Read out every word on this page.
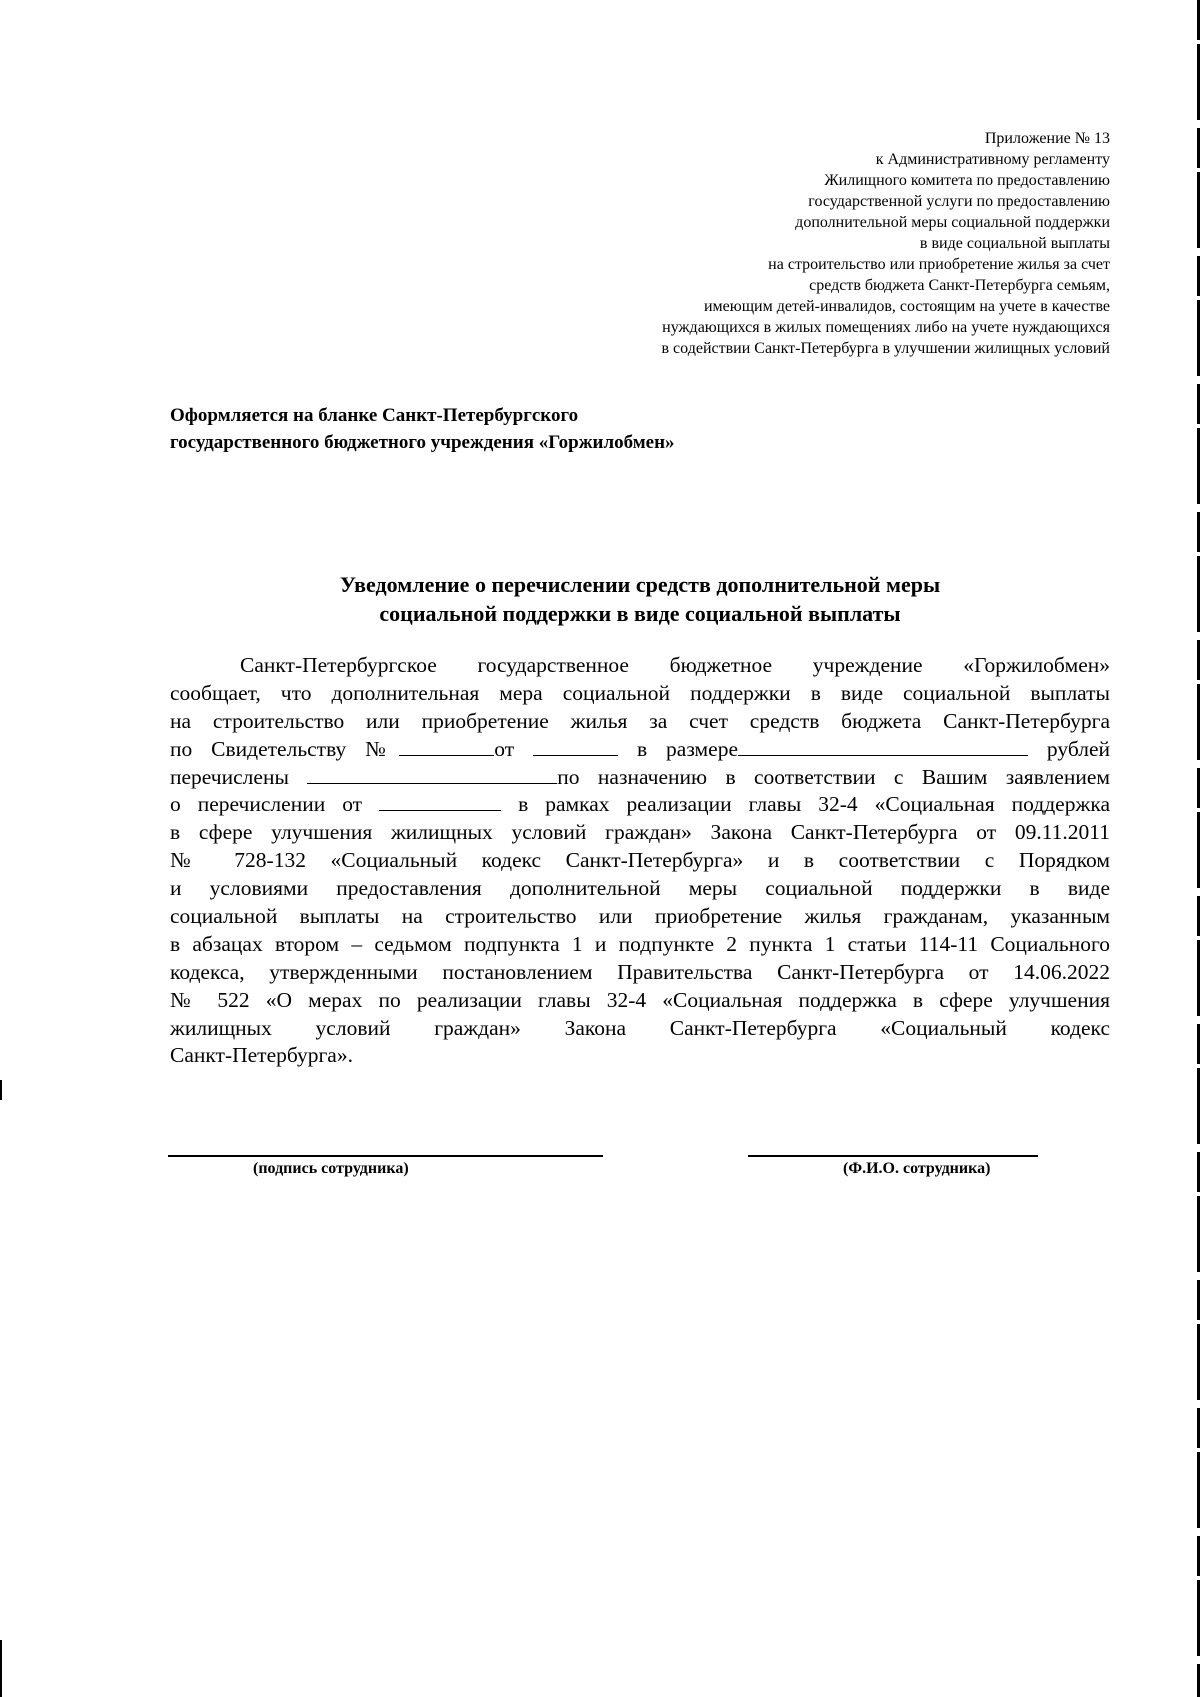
Приложение № 13
к Административному регламенту
Жилищного комитета по предоставлению
государственной услуги по предоставлению
дополнительной меры социальной поддержки
в виде социальной выплаты
на строительство или приобретение жилья за счет
средств бюджета Санкт-Петербурга семьям,
имеющим детей-инвалидов, состоящим на учете в качестве
нуждающихся в жилых помещениях либо на учете нуждающихся
в содействии Санкт-Петербурга в улучшении жилищных условий
Оформляется на бланке Санкт-Петербургского
государственного бюджетного учреждения «Горжилобмен»
Уведомление о перечислении средств дополнительной меры
социальной поддержки в виде социальной выплаты
Санкт-Петербургское государственное бюджетное учреждение «Горжилобмен»
сообщает, что дополнительная мера социальной поддержки в виде социальной выплаты
на строительство или приобретение жилья за счет средств бюджета Санкт-Петербурга
по Свидетельству №	от	в размере	рублей
перечислены	по назначению в соответствии с Вашим заявлением
о перечислении от	в рамках реализации главы 32-4 «Социальная поддержка
в сфере улучшения жилищных условий граждан» Закона Санкт-Петербурга от 09.11.2011
№ 728-132 «Социальный кодекс Санкт-Петербурга» и в соответствии с Порядком
и условиями предоставления дополнительной меры социальной поддержки в виде
социальной выплаты на строительство или приобретение жилья гражданам, указанным
в абзацах втором – седьмом подпункта 1 и подпункте 2 пункта 1 статьи 114-11 Социального
кодекса, утвержденными постановлением Правительства Санкт-Петербурга от 14.06.2022
№ 522 «О мерах по реализации главы 32-4 «Социальная поддержка в сфере улучшения
жилищных условий граждан» Закона Санкт-Петербурга «Социальный кодекс
Санкт-Петербурга».
(подпись сотрудника)	(Ф.И.О. сотрудника)
